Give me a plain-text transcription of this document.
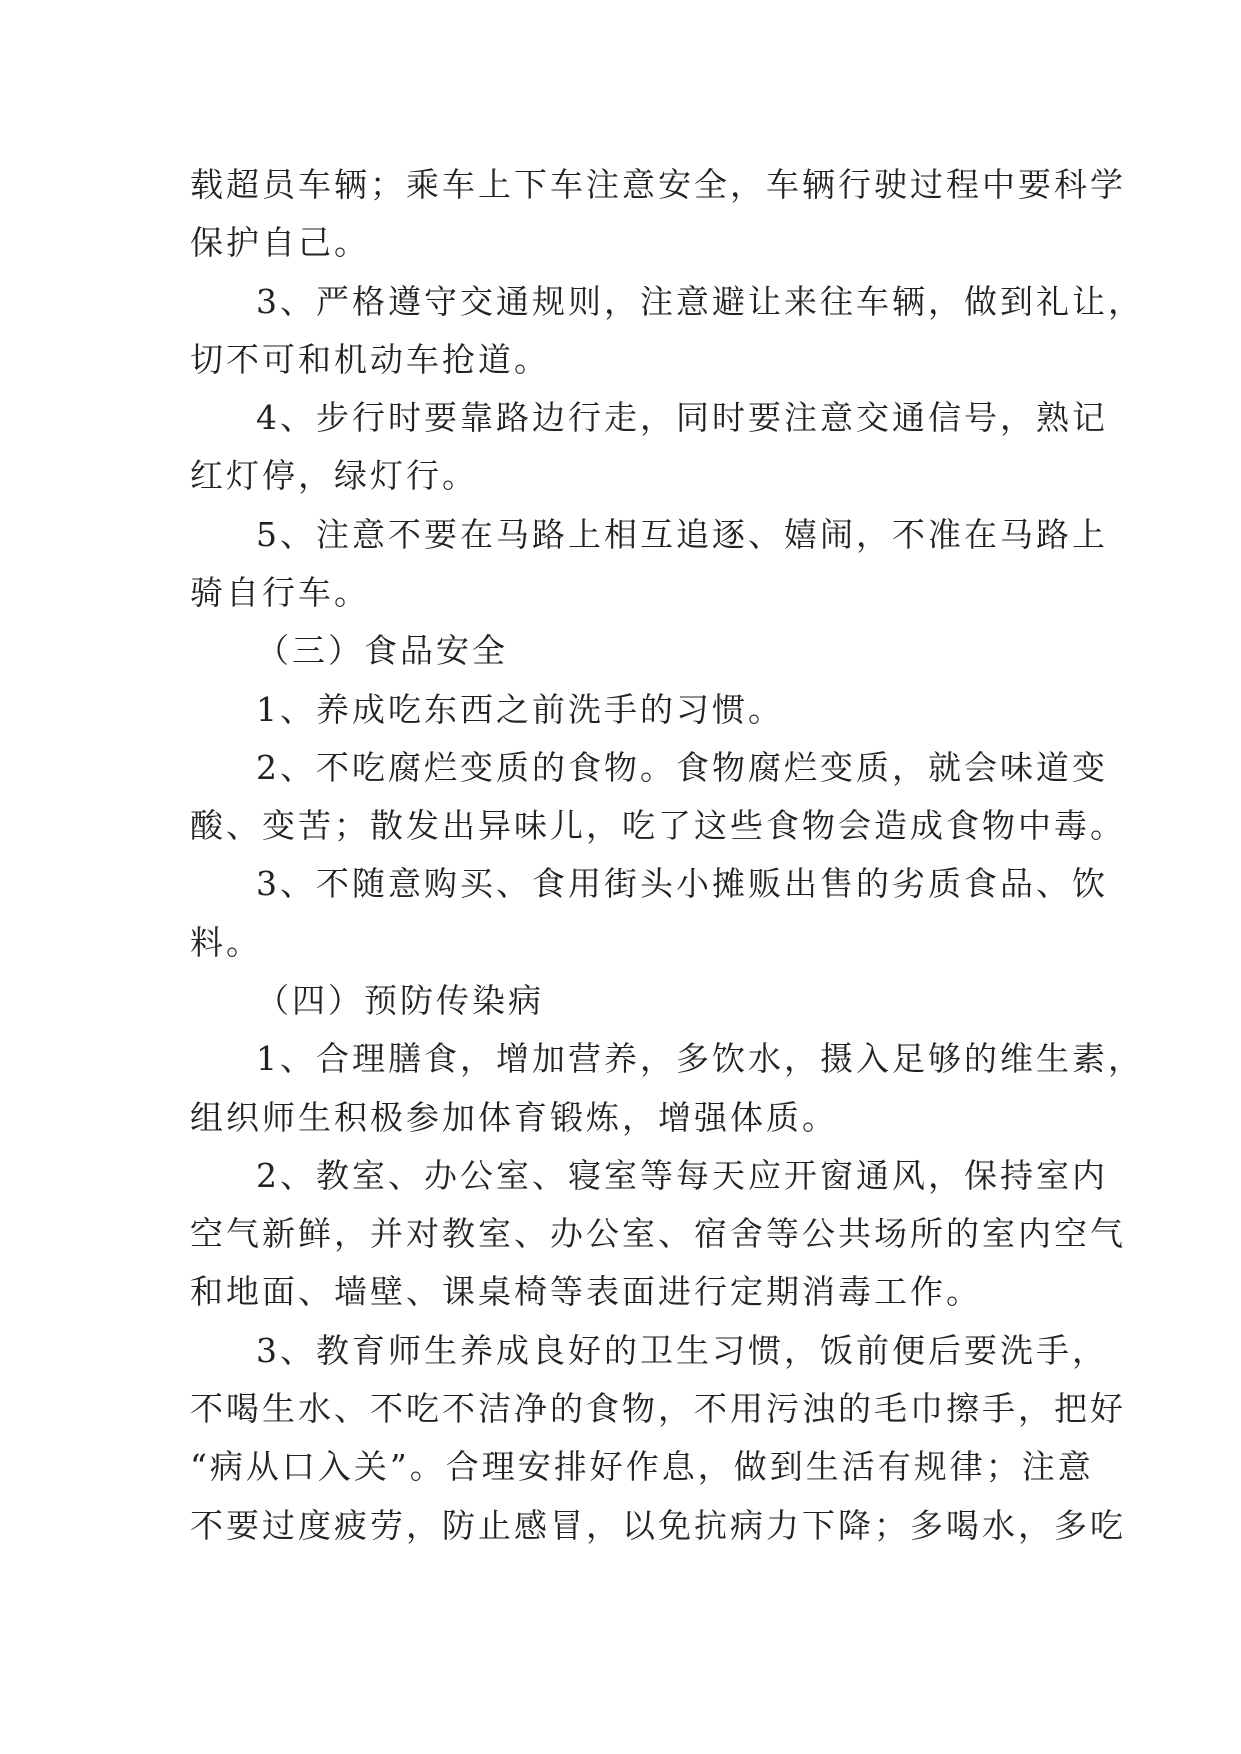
载超员车辆；乘车上下车注意安全，车辆行驶过程中要科学
保护自己。
3、严格遵守交通规则，注意避让来往车辆，做到礼让，
切不可和机动车抢道。
4、步行时要靠路边行走，同时要注意交通信号，熟记
红灯停，绿灯行。
5、注意不要在马路上相互追逐、嬉闹，不准在马路上
骑自行车。
（三）食品安全
1、养成吃东西之前洗手的习惯。
2、不吃腐烂变质的食物。食物腐烂变质，就会味道变
酸、变苦；散发出异味儿，吃了这些食物会造成食物中毒。
3、不随意购买、食用街头小摊贩出售的劣质食品、饮
料。
（四）预防传染病
1、合理膳食，增加营养，多饮水，摄入足够的维生素，
组织师生积极参加体育锻炼，增强体质。
2、教室、办公室、寝室等每天应开窗通风，保持室内
空气新鲜，并对教室、办公室、宿舍等公共场所的室内空气
和地面、墙壁、课桌椅等表面进行定期消毒工作。
3、教育师生养成良好的卫生习惯，饭前便后要洗手，
不喝生水、不吃不洁净的食物，不用污浊的毛巾擦手，把好
“病从口入关”。合理安排好作息，做到生活有规律；注意
不要过度疲劳，防止感冒，以免抗病力下降；多喝水，多吃
